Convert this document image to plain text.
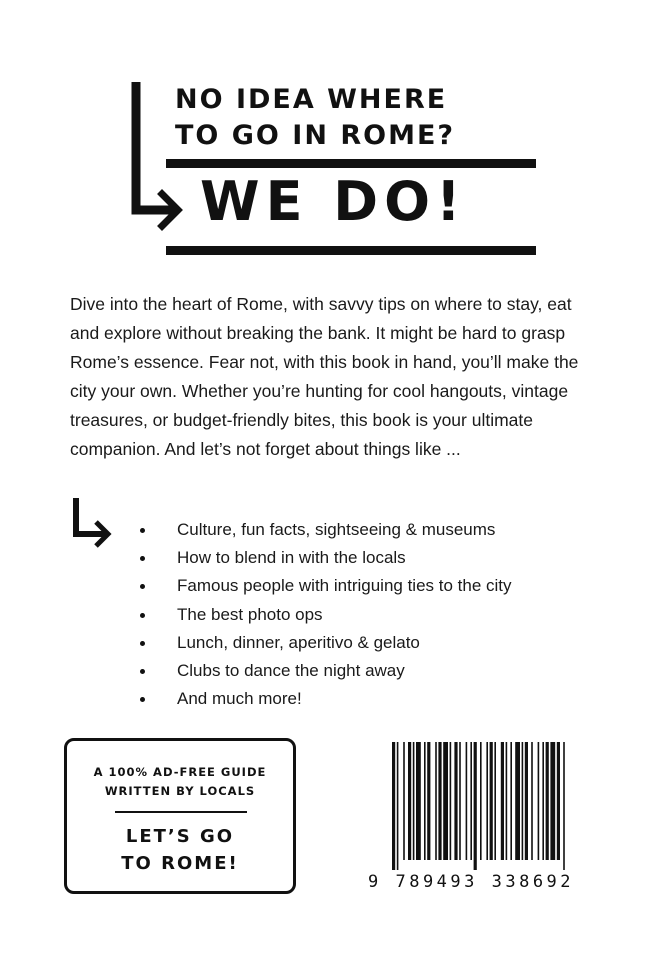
NO IDEA WHERE
TO GO IN ROME?
WE DO!
Dive into the heart of Rome, with savvy tips on where to stay, eat and explore without breaking the bank. It might be hard to grasp Rome’s essence. Fear not, with this book in hand, you’ll make the city your own. Whether you’re hunting for cool hangouts, vintage treasures, or budget-friendly bites, this book is your ultimate companion. And let’s not forget about things like ...
Culture, fun facts, sightseeing & museums
How to blend in with the locals
Famous people with intriguing ties to the city
The best photo ops
Lunch, dinner, aperitivo & gelato
Clubs to dance the night away
And much more!
A 100% AD-FREE GUIDE
WRITTEN BY LOCALS
LET’S GO
TO ROME!
9 789493 338692
